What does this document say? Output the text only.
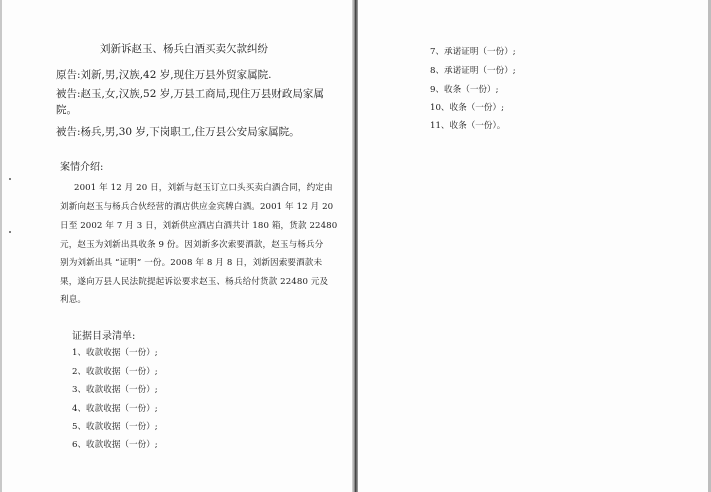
刘新诉赵玉、杨兵白酒买卖欠款纠纷
原告:刘新,男,汉族,42 岁,现住万县外贸家属院.
被告:赵玉,女,汉族,52 岁,万县工商局,现住万县财政局家属
院。
被告:杨兵,男,30 岁,下岗职工,住万县公安局家属院。
案情介绍:
2001 年 12 月 20 日，刘新与赵玉订立口头买卖白酒合同，约定由
刘新向赵玉与杨兵合伙经营的酒店供应金宾牌白酒。2001 年 12 月 20
日至 2002 年 7 月 3 日，刘新供应酒店白酒共计 180 箱，货款 22480
元，赵玉为刘新出具收条 9 份。因刘新多次索要酒款，赵玉与杨兵分
别为刘新出具 “证明” 一份。2008 年 8 月 8 日，刘新因索要酒款未
果，遂向万县人民法院提起诉讼要求赵玉、杨兵给付货款 22480 元及
利息。
证据目录清单:
1、收款收据（一份）;
2、收款收据（一份）;
3、收款收据（一份）;
4、收款收据（一份）;
5、收款收据（一份）;
6、收款收据（一份）;
7、承诺证明（一份）;
8、承诺证明（一份）;
9、收条（一份）;
10、收条（一份）;
11、收条（一份）。
